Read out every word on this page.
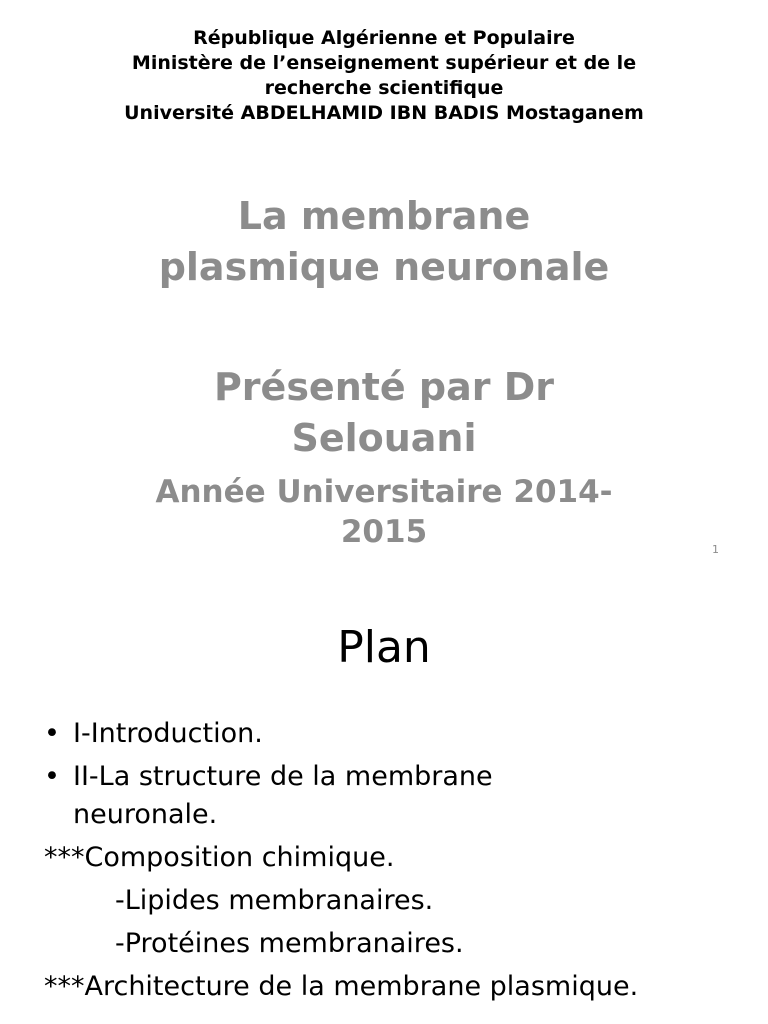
République Algérienne et Populaire
Ministère de l’enseignement supérieur et de le
recherche scientifique
Université ABDELHAMID IBN BADIS Mostaganem
La membrane
plasmique neuronale
Présenté par Dr
Selouani
Année Universitaire 2014-
2015	1
Plan
• I-Introduction.
• II-La structure de la membrane
neuronale.
***Composition chimique.
-Lipides membranaires.
-Protéines membranaires.
***Architecture de la membrane plasmique.
